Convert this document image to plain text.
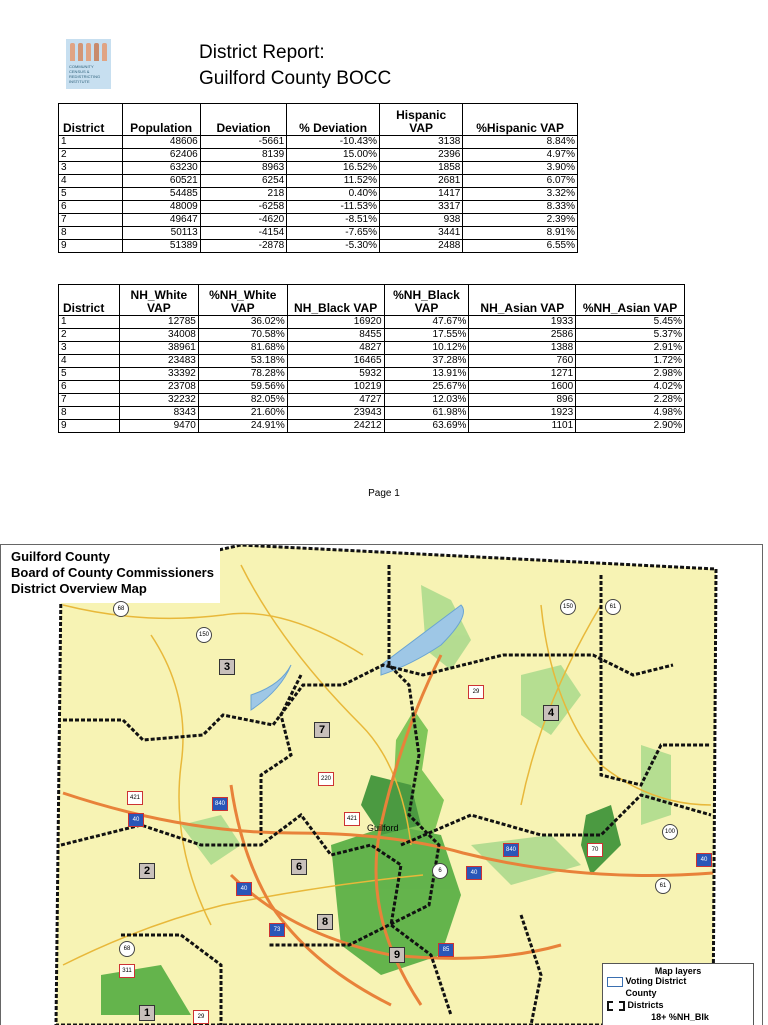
COMMUNITY CENSUS & REDISTRICTING INSTITUTE
District Report:
Guilford County BOCC
District	Population	Deviation	% Deviation	Hispanic VAP	%Hispanic VAP
1	48606	-5661	-10.43%	3138	8.84%
2	62406	8139	15.00%	2396	4.97%
3	63230	8963	16.52%	1858	3.90%
4	60521	6254	11.52%	2681	6.07%
5	54485	218	0.40%	1417	3.32%
6	48009	-6258	-11.53%	3317	8.33%
7	49647	-4620	-8.51%	938	2.39%
8	50113	-4154	-7.65%	3441	8.91%
9	51389	-2878	-5.30%	2488	6.55%
District	NH_White VAP	%NH_White VAP	NH_Black VAP	%NH_Black VAP	NH_Asian VAP	%NH_Asian VAP
1	12785	36.02%	16920	47.67%	1933	5.45%
2	34008	70.58%	8455	17.55%	2586	5.37%
3	38961	81.68%	4827	10.12%	1388	2.91%
4	23483	53.18%	16465	37.28%	760	1.72%
5	33392	78.28%	5932	13.91%	1271	2.98%
6	23708	59.56%	10219	25.67%	1600	4.02%
7	32232	82.05%	4727	12.03%	896	2.28%
8	8343	21.60%	23943	61.98%	1923	4.98%
9	9470	24.91%	24212	63.69%	1101	2.90%
Page 1
Guilford County
Board of County Commissioners
District Overview Map
1
2
3
4
6
7
8
9
Guilford
68
150
150	61
29
421
220
421
840
40
100
70
840
40
6	40
61
40
85
73
68
311
29
Map layers
Voting District
County
Districts
18+ %NH_Blk
